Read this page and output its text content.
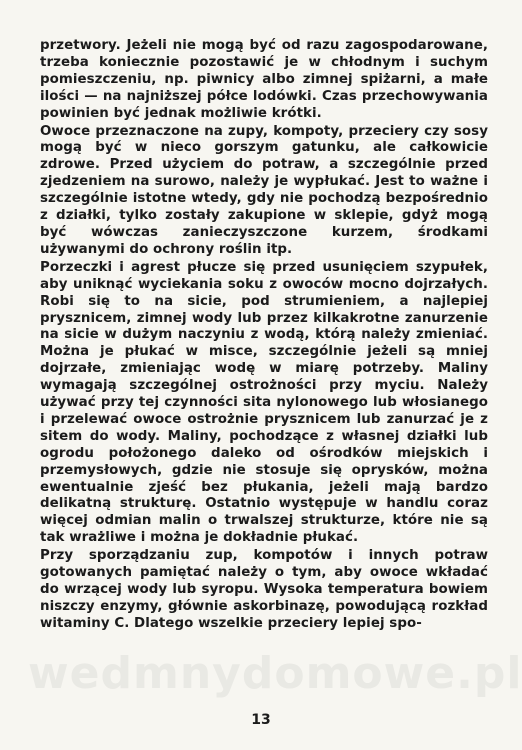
przetwory. Jeżeli nie mogą być od razu zagospodarowane, trzeba koniecznie pozostawić je w chłodnym i suchym pomieszczeniu, np. piwnicy albo zimnej spiżarni, a małe ilości — na najniższej półce lodówki. Czas przechowywania powinien być jednak możliwie krótki.

Owoce przeznaczone na zupy, kompoty, przeciery czy sosy mogą być w nieco gorszym gatunku, ale całkowicie zdrowe. Przed użyciem do potraw, a szczególnie przed zjedzeniem na surowo, należy je wypłukać. Jest to ważne i szczególnie istotne wtedy, gdy nie pochodzą bezpośrednio z działki, tylko zostały zakupione w sklepie, gdyż mogą być wówczas zanieczyszczone kurzem, środkami używanymi do ochrony roślin itp.

Porzeczki i agrest płucze się przed usunięciem szypułek, aby uniknąć wyciekania soku z owoców mocno dojrzałych. Robi się to na sicie, pod strumieniem, a najlepiej prysznicem, zimnej wody lub przez kilkakrotne zanurzenie na sicie w dużym naczyniu z wodą, którą należy zmieniać. Można je płukać w misce, szczególnie jeżeli są mniej dojrzałe, zmieniając wodę w miarę potrzeby. Maliny wymagają szczególnej ostrożności przy myciu. Należy używać przy tej czynności sita nylonowego lub włosianego i przelewać owoce ostrożnie prysznicem lub zanurzać je z sitem do wody. Maliny, pochodzące z własnej działki lub ogrodu położonego daleko od ośrodków miejskich i przemysłowych, gdzie nie stosuje się oprysków, można ewentualnie zjeść bez płukania, jeżeli mają bardzo delikatną strukturę. Ostatnio występuje w handlu coraz więcej odmian malin o trwalszej strukturze, które nie są tak wrażliwe i można je dokładnie płukać.

Przy sporządzaniu zup, kompotów i innych potraw gotowanych pamiętać należy o tym, aby owoce wkładać do wrzącej wody lub syropu. Wysoka temperatura bowiem niszczy enzymy, głównie askorbinazę, powodującą rozkład witaminy C. Dlatego wszelkie przeciery lepiej spo-

wedmnydomowe.pl
13
